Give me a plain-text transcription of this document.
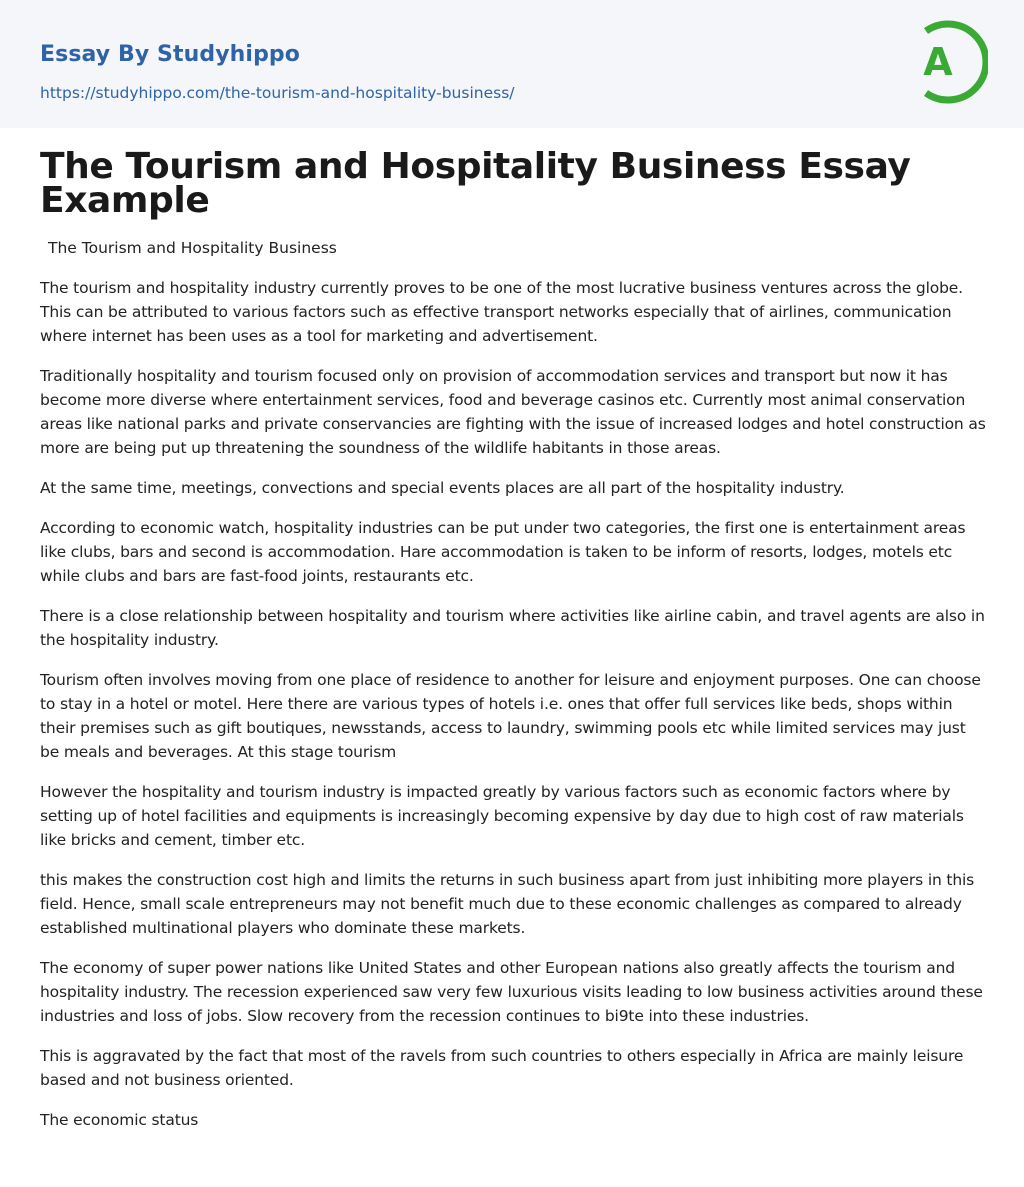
Essay By Studyhippo
https://studyhippo.com/the-tourism-and-hospitality-business/
A
The Tourism and Hospitality Business Essay Example

The Tourism and Hospitality Business

The tourism and hospitality industry currently proves to be one of the most lucrative business ventures across the globe. This can be attributed to various factors such as effective transport networks especially that of airlines, communication where internet has been uses as a tool for marketing and advertisement.

Traditionally hospitality and tourism focused only on provision of accommodation services and transport but now it has become more diverse where entertainment services, food and beverage casinos etc. Currently most animal conservation areas like national parks and private conservancies are fighting with the issue of increased lodges and hotel construction as more are being put up threatening the soundness of the wildlife habitants in those areas.

At the same time, meetings, convections and special events places are all part of the hospitality industry.

According to economic watch, hospitality industries can be put under two categories, the first one is entertainment areas like clubs, bars and second is accommodation. Hare accommodation is taken to be inform of resorts, lodges, motels etc while clubs and bars are fast-food joints, restaurants etc.

There is a close relationship between hospitality and tourism where activities like airline cabin, and travel agents are also in the hospitality industry.

Tourism often involves moving from one place of residence to another for leisure and enjoyment purposes. One can choose to stay in a hotel or motel. Here there are various types of hotels i.e. ones that offer full services like beds, shops within their premises such as gift boutiques, newsstands, access to laundry, swimming pools etc while limited services may just be meals and beverages. At this stage tourism

However the hospitality and tourism industry is impacted greatly by various factors such as economic factors where by setting up of hotel facilities and equipments is increasingly becoming expensive by day due to high cost of raw materials like bricks and cement, timber etc.

this makes the construction cost high and limits the returns in such business apart from just inhibiting more players in this field. Hence, small scale entrepreneurs may not benefit much due to these economic challenges as compared to already established multinational players who dominate these markets.

The economy of super power nations like United States and other European nations also greatly affects the tourism and hospitality industry. The recession experienced saw very few luxurious visits leading to low business activities around these industries and loss of jobs. Slow recovery from the recession continues to bi9te into these industries.

This is aggravated by the fact that most of the ravels from such countries to others especially in Africa are mainly leisure based and not business oriented.

The economic status
